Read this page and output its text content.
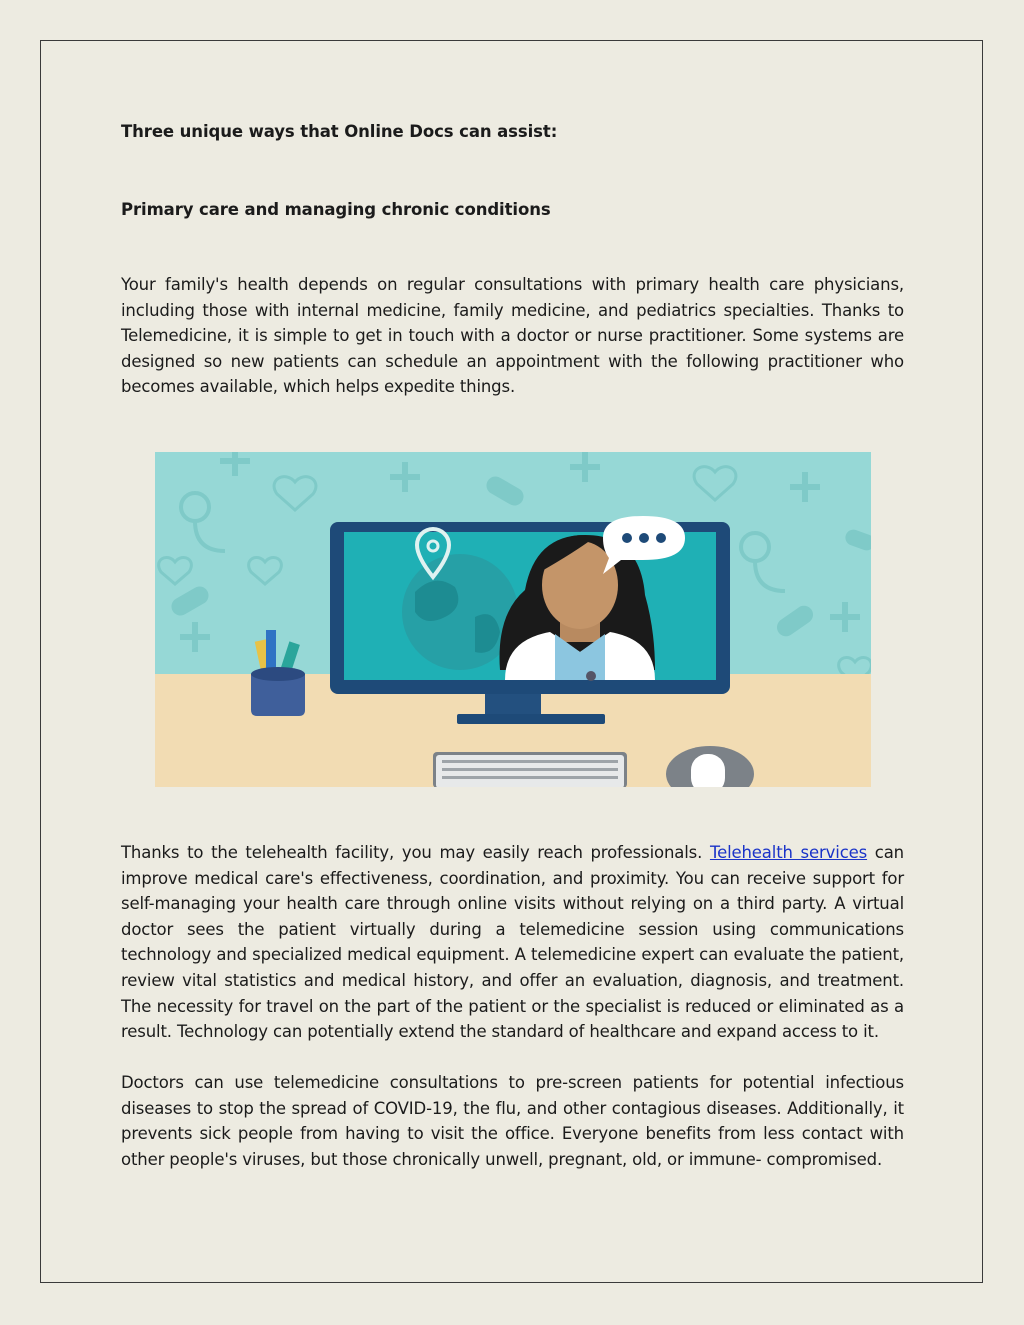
Three unique ways that Online Docs can assist:
Primary care and managing chronic conditions

Your family's health depends on regular consultations with primary health care physicians, including those with internal medicine, family medicine, and pediatrics specialties. Thanks to Telemedicine, it is simple to get in touch with a doctor or nurse practitioner. Some systems are designed so new patients can schedule an appointment with the following practitioner who becomes available, which helps expedite things.

Thanks to the telehealth facility, you may easily reach professionals. Telehealth services can improve medical care's effectiveness, coordination, and proximity. You can receive support for self-managing your health care through online visits without relying on a third party. A virtual doctor sees the patient virtually during a telemedicine session using communications technology and specialized medical equipment. A telemedicine expert can evaluate the patient, review vital statistics and medical history, and offer an evaluation, diagnosis, and treatment. The necessity for travel on the part of the patient or the specialist is reduced or eliminated as a result. Technology can potentially extend the standard of healthcare and expand access to it.

Doctors can use telemedicine consultations to pre-screen patients for potential infectious diseases to stop the spread of COVID-19, the flu, and other contagious diseases. Additionally, it prevents sick people from having to visit the office. Everyone benefits from less contact with other people's viruses, but those chronically unwell, pregnant, old, or immune- compromised.
